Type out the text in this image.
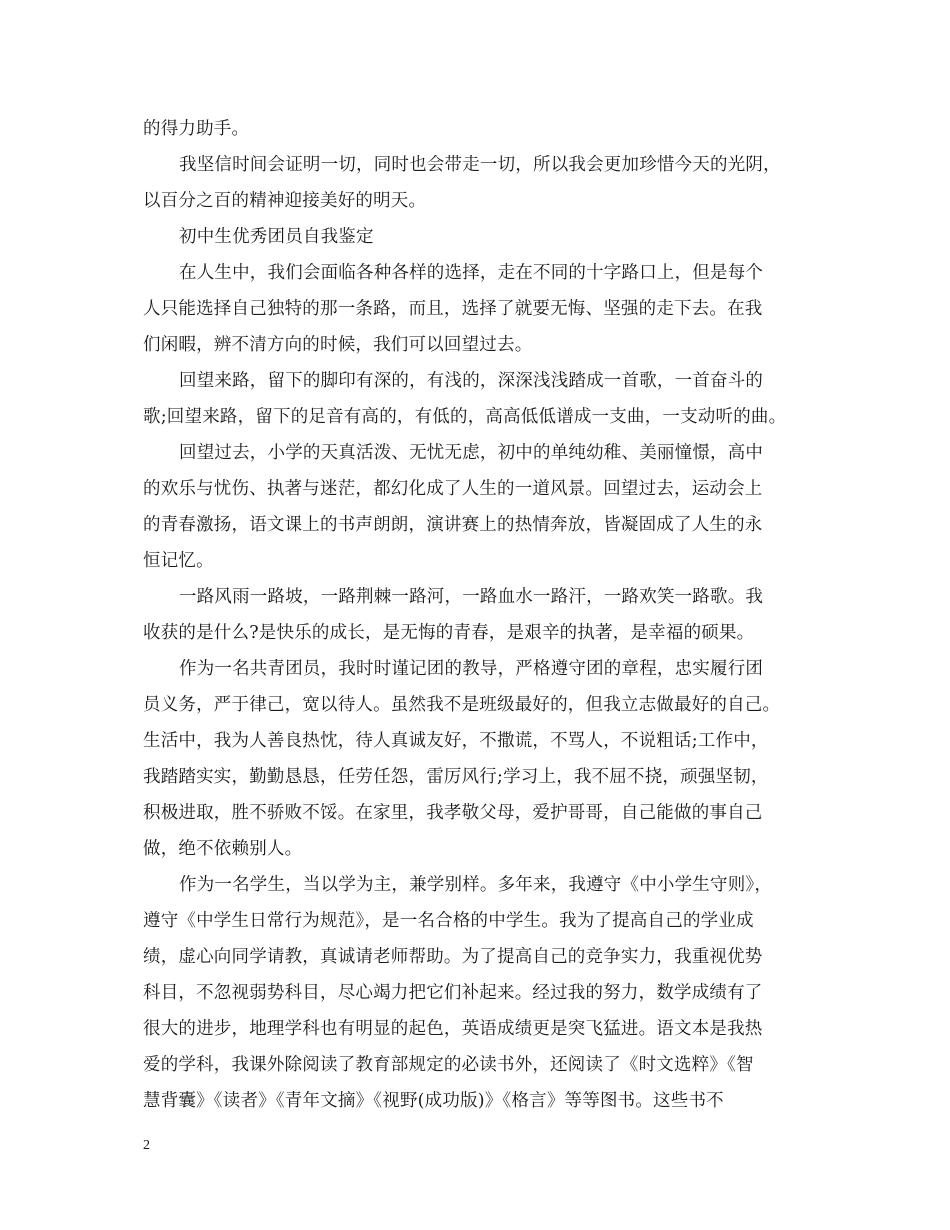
的得力助手。
我坚信时间会证明一切，同时也会带走一切，所以我会更加珍惜今天的光阴，
以百分之百的精神迎接美好的明天。
初中生优秀团员自我鉴定
在人生中，我们会面临各种各样的选择，走在不同的十字路口上，但是每个
人只能选择自己独特的那一条路，而且，选择了就要无悔、坚强的走下去。在我
们闲暇，辨不清方向的时候，我们可以回望过去。
回望来路，留下的脚印有深的，有浅的，深深浅浅踏成一首歌，一首奋斗的
歌;回望来路，留下的足音有高的，有低的，高高低低谱成一支曲，一支动听的曲。
回望过去，小学的天真活泼、无忧无虑，初中的单纯幼稚、美丽憧憬，高中
的欢乐与忧伤、执著与迷茫，都幻化成了人生的一道风景。回望过去，运动会上
的青春激扬，语文课上的书声朗朗，演讲赛上的热情奔放，皆凝固成了人生的永
恒记忆。
一路风雨一路坡，一路荆棘一路河，一路血水一路汗，一路欢笑一路歌。我
收获的是什么?是快乐的成长，是无悔的青春，是艰辛的执著，是幸福的硕果。
作为一名共青团员，我时时谨记团的教导，严格遵守团的章程，忠实履行团
员义务，严于律己，宽以待人。虽然我不是班级最好的，但我立志做最好的自己。
生活中，我为人善良热忱，待人真诚友好，不撒谎，不骂人，不说粗话;工作中，
我踏踏实实，勤勤恳恳，任劳任怨，雷厉风行;学习上，我不屈不挠，顽强坚韧，
积极进取，胜不骄败不馁。在家里，我孝敬父母，爱护哥哥，自己能做的事自己
做，绝不依赖别人。
作为一名学生，当以学为主，兼学别样。多年来，我遵守《中小学生守则》，
遵守《中学生日常行为规范》，是一名合格的中学生。我为了提高自己的学业成
绩，虚心向同学请教，真诚请老师帮助。为了提高自己的竞争实力，我重视优势
科目，不忽视弱势科目，尽心竭力把它们补起来。经过我的努力，数学成绩有了
很大的进步，地理学科也有明显的起色，英语成绩更是突飞猛进。语文本是我热
爱的学科，我课外除阅读了教育部规定的必读书外，还阅读了《时文选粹》《智
慧背囊》《读者》《青年文摘》《视野(成功版)》《格言》等等图书。这些书不
2
